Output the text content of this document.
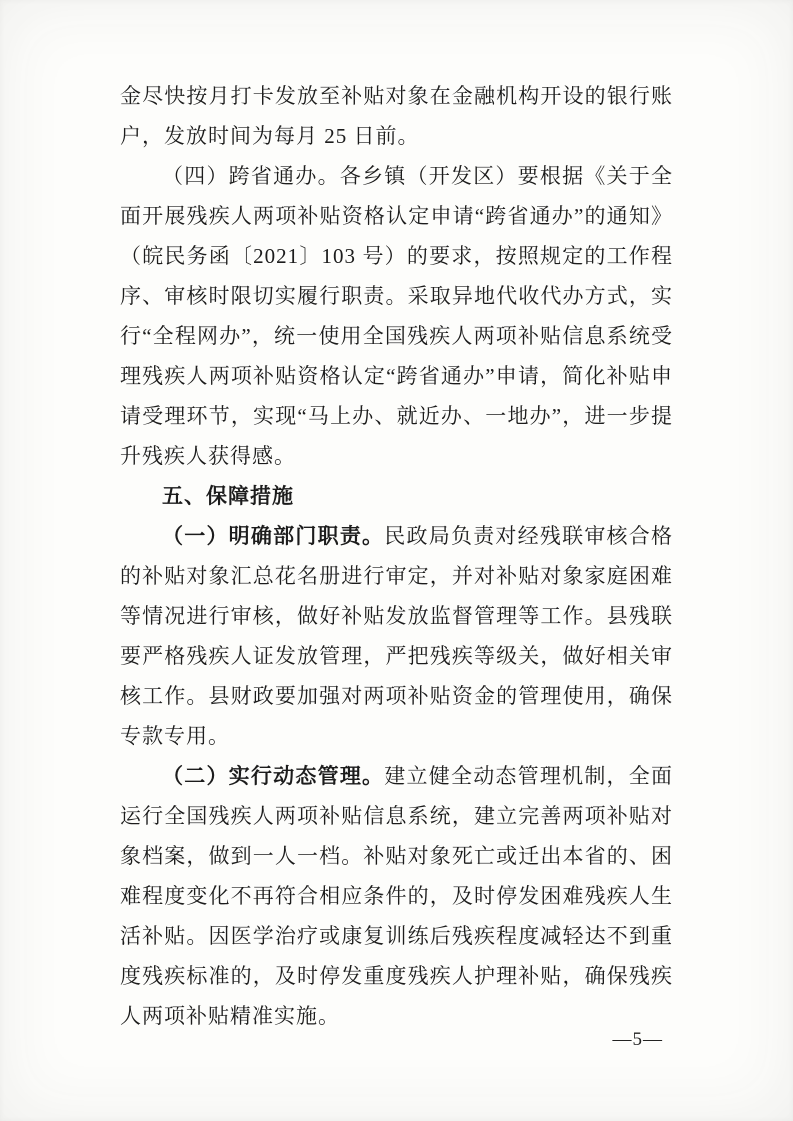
金尽快按月打卡发放至补贴对象在金融机构开设的银行账户，发放时间为每月 25 日前。

（四）跨省通办。各乡镇（开发区）要根据《关于全面开展残疾人两项补贴资格认定申请“跨省通办”的通知》（皖民务函〔2021〕103 号）的要求，按照规定的工作程序、审核时限切实履行职责。采取异地代收代办方式，实行“全程网办”，统一使用全国残疾人两项补贴信息系统受理残疾人两项补贴资格认定“跨省通办”申请，简化补贴申请受理环节，实现“马上办、就近办、一地办”，进一步提升残疾人获得感。

五、保障措施

（一）明确部门职责。民政局负责对经残联审核合格的补贴对象汇总花名册进行审定，并对补贴对象家庭困难等情况进行审核，做好补贴发放监督管理等工作。县残联要严格残疾人证发放管理，严把残疾等级关，做好相关审核工作。县财政要加强对两项补贴资金的管理使用，确保专款专用。

（二）实行动态管理。建立健全动态管理机制，全面运行全国残疾人两项补贴信息系统，建立完善两项补贴对象档案，做到一人一档。补贴对象死亡或迁出本省的、困难程度变化不再符合相应条件的，及时停发困难残疾人生活补贴。因医学治疗或康复训练后残疾程度减轻达不到重度残疾标准的，及时停发重度残疾人护理补贴，确保残疾人两项补贴精准实施。

—5—
